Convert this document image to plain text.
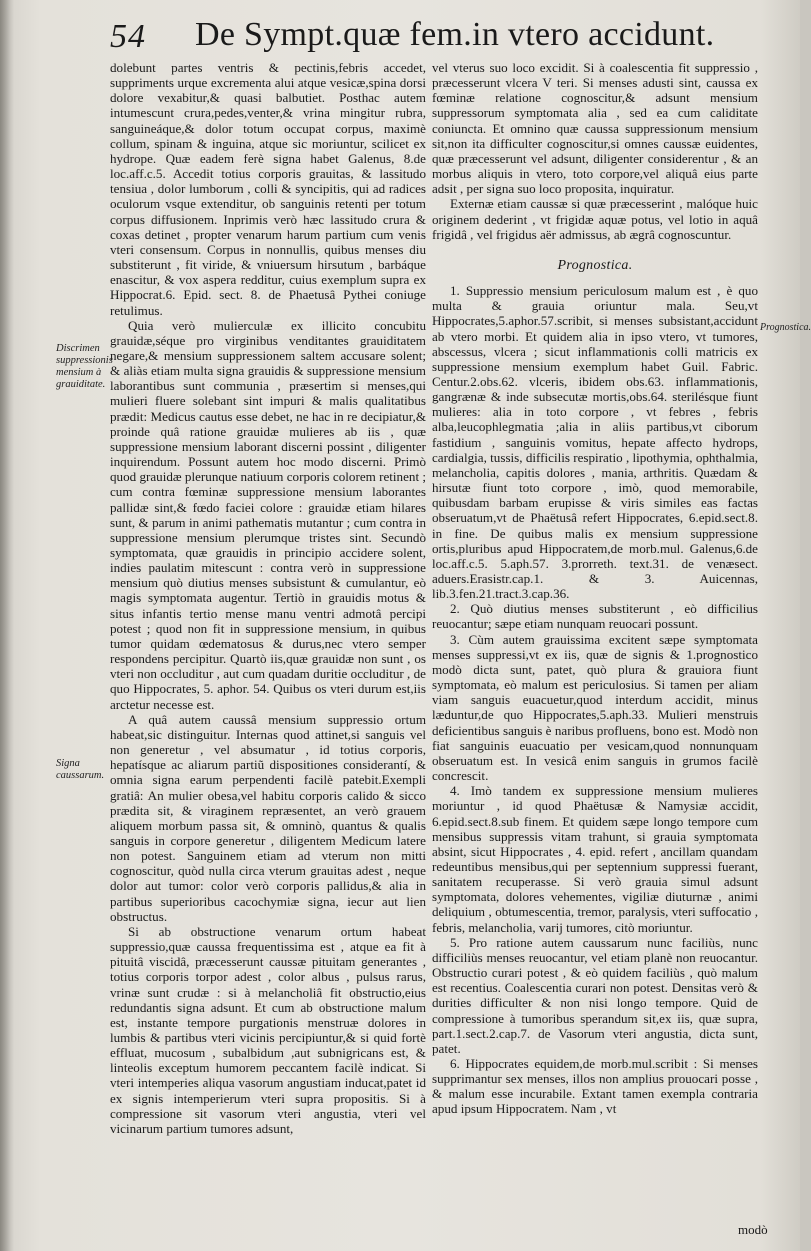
54 De Sympt.quæ fem.in vtero accidunt.
Discrimen suppressionis mensium à grauiditate.
Signa caussarum.
Prognostica.

dolebunt partes ventris & pectinis,febris accedet, suppriments urque excrementa alui atque vesicæ,spina dorsi dolore vexabitur,& quasi balbutiet. Posthac autem intumescunt crura,pedes,venter,& vrina mingitur rubra, sanguineáque,& dolor totum occupat corpus, maximè collum, spinam & inguina, atque sic moriuntur, scilicet ex hydrope. Quæ eadem ferè signa habet Galenus, 8.de loc.aff.c.5. Accedit totius corporis grauitas, & lassitudo tensiua , dolor lumborum , colli & syncipitis, qui ad radices oculorum vsque extenditur, ob sanguinis retenti per totum corpus diffusionem. Inprimis verò hæc lassitudo crura & coxas detinet , propter venarum harum partium cum venis vteri consensum. Corpus in nonnullis, quibus menses diu substiterunt , fit viride, & vniuersum hirsutum , barbáque enascitur, & vox aspera redditur, cuius exemplum supra ex Hippocrat.6. Epid. sect. 8. de Phaetusâ Pythei coniuge retulimus.

Quia verò mulierculæ ex illicito concubitu grauidæ,séque pro virginibus venditantes grauiditatem negare,& mensium suppressionem saltem accusare solent; & aliàs etiam multa signa grauidis & suppressione mensium laborantibus sunt communia , præsertim si menses,qui mulieri fluere solebant sint impuri & malis qualitatibus prædit: Medicus cautus esse debet, ne hac in re decipiatur,& proinde quâ ratione grauidæ mulieres ab iis , quæ suppressione mensium laborant discerni possint , diligenter inquirendum. Possunt autem hoc modo discerni. Primò quod grauidæ plerunque natiuum corporis colorem retinent ; cum contra fœminæ suppressione mensium laborantes pallidæ sint,& fœdo faciei colore : grauidæ etiam hilares sunt, & parum in animi pathematis mutantur ; cum contra in suppressione mensium plerumque tristes sint. Secundò symptomata, quæ grauidis in principio accidere solent, indies paulatim mitescunt : contra verò in suppressione mensium quò diutius menses subsistunt & cumulantur, eò magis symptomata augentur. Tertiò in grauidis motus & situs infantis tertio mense manu ventri admotâ percipi potest ; quod non fit in suppressione mensium, in quibus tumor quidam œdematosus & durus,nec vtero semper respondens percipitur. Quartò iis,quæ grauidæ non sunt , os vteri non occluditur , aut cum quadam duritie occluditur , de quo Hippocrates, 5. aphor. 54. Quibus os vteri durum est,iis arctetur necesse est.

A quâ autem caussâ mensium suppressio ortum habeat,sic distinguitur. Internas quod attinet,si sanguis vel non generetur , vel absumatur , id totius corporis, hepatísque ac aliarum partiũ dispositiones considerantí, & omnia signa earum perpendenti facilè patebit.Exempli gratiâ: An mulier obesa,vel habitu corporis calido & sicco prædita sit, & viraginem repræsentet, an verò grauem aliquem morbum passa sit, & omninò, quantus & qualis sanguis in corpore generetur , diligentem Medicum latere non potest. Sanguinem etiam ad vterum non mitti cognoscitur, quòd nulla circa vterum grauitas adest , neque dolor aut tumor: color verò corporis pallidus,& alia in partibus superioribus cacochymiæ signa, iecur aut lien obstructus.

Si ab obstructione venarum ortum habeat suppressio,quæ caussa frequentissima est , atque ea fit à pituitâ viscidâ, præcesserunt caussæ pituitam generantes , totius corporis torpor adest , color albus , pulsus rarus, vrinæ sunt crudæ : si à melancholiâ fit obstructio,eius redundantis signa adsunt. Et cum ab obstructione malum est, instante tempore purgationis menstruæ dolores in lumbis & partibus vteri vicinis percipiuntur,& si quid fortè effluat, mucosum , subalbidum ,aut subnigricans est, & linteolis exceptum humorem peccantem facilè indicat. Si vteri intemperies aliqua vasorum angustiam inducat,patet id ex signis intemperierum vteri supra propositis. Si à compressione sit vasorum vteri angustia, vteri vel vicinarum partium tumores adsunt,

vel vterus suo loco excidit. Si à coalescentia fit suppressio , præcesserunt vlcera V teri. Si menses adusti sint, caussa ex fœminæ relatione cognoscitur,& adsunt mensium suppressorum symptomata alia , sed ea cum caliditate coniuncta. Et omnino quæ caussa suppressionum mensium sit,non ita difficulter cognoscitur,si omnes caussæ euidentes, quæ præcesserunt vel adsunt, diligenter considerentur , & an morbus aliquis in vtero, toto corpore,vel aliquâ eius parte adsit , per signa suo loco proposita, inquiratur.

Externæ etiam caussæ si quæ præcesserint , malóque huic originem dederint , vt frigidæ aquæ potus, vel lotio in aquâ frigidâ , vel frigidus aër admissus, ab ægrâ cognoscuntur.

Prognostica.

1. Suppressio mensium periculosum malum est , è quo multa & grauia oriuntur mala. Seu,vt Hippocrates,5.aphor.57.scribit, si menses subsistant,accidunt ab vtero morbi. Et quidem alia in ipso vtero, vt tumores, abscessus, vlcera ; sicut inflammationis colli matricis ex suppressione mensium exemplum habet Guil. Fabric. Centur.2.obs.62. vlceris, ibidem obs.63. inflammationis, gangrænæ & inde subsecutæ mortis,obs.64. sterilésque fiunt mulieres: alia in toto corpore , vt febres , febris alba,leucophlegmatia ;alia in aliis partibus,vt ciborum fastidium , sanguinis vomitus, hepate affecto hydrops, cardialgia, tussis, difficilis respiratio , lipothymia, ophthalmia, melancholia, capitis dolores , mania, arthritis. Quædam & hirsutæ fiunt toto corpore , imò, quod memorabile, quibusdam barbam erupisse & viris similes eas factas obseruatum,vt de Phaëtusâ refert Hippocrates, 6.epid.sect.8. in fine. De quibus malis ex mensium suppressione ortis,pluribus apud Hippocratem,de morb.mul. Galenus,6.de loc.aff.c.5. 5.aph.57. 3.prorreth. text.31. de venæsect. aduers.Erasistr.cap.1. & 3. Auicennas, lib.3.fen.21.tract.3.cap.36.

2. Quò diutius menses substiterunt , eò difficilius reuocantur; sæpe etiam nunquam reuocari possunt.

3. Cùm autem grauissima excitent sæpe symptomata menses suppressi,vt ex iis, quæ de signis & 1.prognostico modò dicta sunt, patet, quò plura & grauiora fiunt symptomata, eò malum est periculosius. Si tamen per aliam viam sanguis euacuetur,quod interdum accidit, minus læduntur,de quo Hippocrates,5.aph.33. Mulieri menstruis deficientibus sanguis è naribus profluens, bono est. Modò non fiat sanguinis euacuatio per vesicam,quod nonnunquam obseruatum est. In vesicâ enim sanguis in grumos facilè concrescit.

4. Imò tandem ex suppressione mensium mulieres moriuntur , id quod Phaëtusæ & Namysiæ accidit, 6.epid.sect.8.sub finem. Et quidem sæpe longo tempore cum mensibus suppressis vitam trahunt, si grauia symptomata absint, sicut Hippocrates , 4. epid. refert , ancillam quandam redeuntibus mensibus,qui per septennium suppressi fuerant, sanitatem recuperasse. Si verò grauia simul adsunt symptomata, dolores vehementes, vigiliæ diuturnæ , animi deliquium , obtumescentia, tremor, paralysis, vteri suffocatio , febris, melancholia, varij tumores, citò moriuntur.

5. Pro ratione autem caussarum nunc faciliùs, nunc difficiliùs menses reuocantur, vel etiam planè non reuocantur. Obstructio curari potest , & eò quidem faciliùs , quò malum est recentius. Coalescentia curari non potest. Densitas verò & durities difficulter & non nisi longo tempore. Quid de compressione à tumoribus sperandum sit,ex iis, quæ supra, part.1.sect.2.cap.7. de Vasorum vteri angustia, dicta sunt, patet.

6. Hippocrates equidem,de morb.mul.scribit : Si menses supprimantur sex menses, illos non amplius prouocari posse , & malum esse incurabile. Extant tamen exempla contraria apud ipsum Hippocratem. Nam , vt

modò
